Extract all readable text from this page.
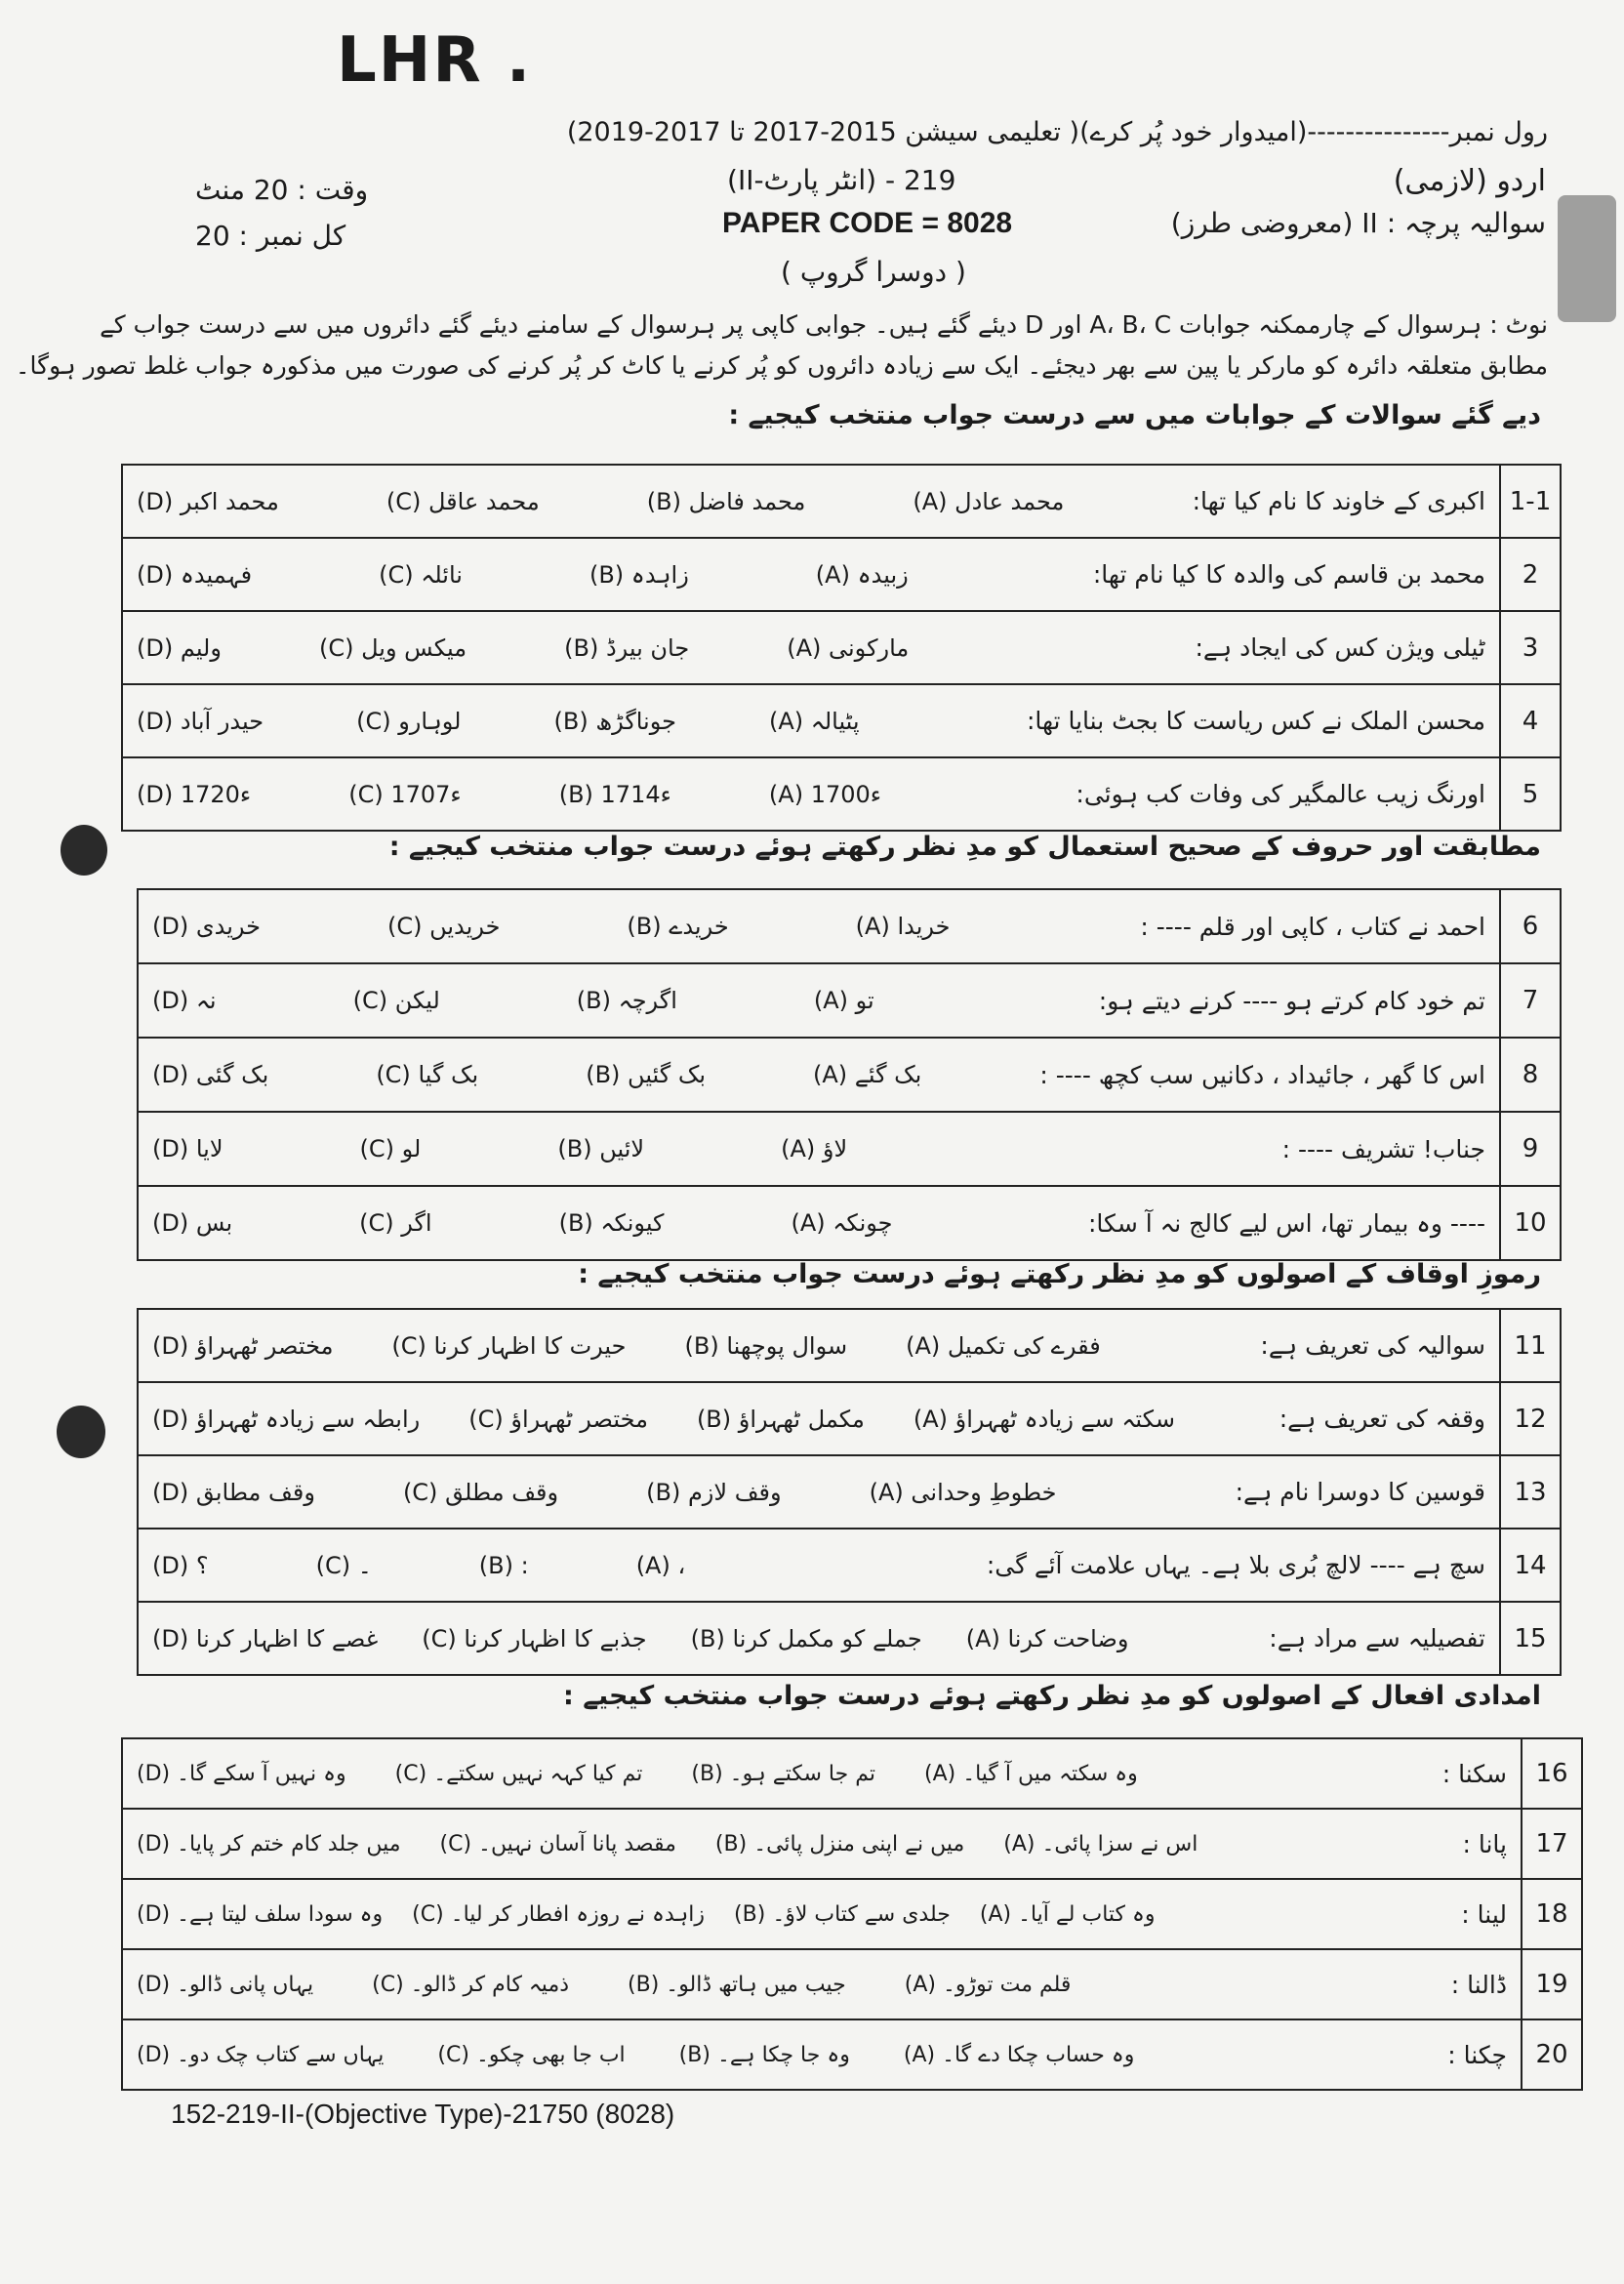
LHR .
رول نمبر---------------(امیدوار خود پُر کرے)( تعلیمی سیشن 2015-2017 تا 2017-2019)
اردو (لازمی)
سوالیہ پرچہ : II (معروضی طرز)
219 - (انٹر پارٹ-II)
PAPER CODE = 8028
( دوسرا گروپ )
وقت : 20 منٹ
کل نمبر : 20
نوٹ : ہرسوال کے چارممکنہ جوابات A، B، C اور D دیئے گئے ہیں۔ جوابی کاپی پر ہرسوال کے سامنے دیئے گئے دائروں میں سے درست جواب کے
مطابق متعلقہ دائرہ کو مارکر یا پین سے بھر دیجئے۔ ایک سے زیادہ دائروں کو پُر کرنے یا کاٹ کر پُر کرنے کی صورت میں مذکورہ جواب غلط تصور ہوگا۔
دیے گئے سوالات کے جوابات میں سے درست جواب منتخب کیجیے :
اکبری کے خاوند کا نام کیا تھا:
(A) محمد عادل
(B) محمد فاضل
(C) محمد عاقل
(D) محمد اکبر	1-1

محمد بن قاسم کی والدہ کا کیا نام تھا:
(A) زبیدہ
(B) زاہدہ
(C) نائلہ
(D) فہمیدہ	2

ٹیلی ویژن کس کی ایجاد ہے:
(A) مارکونی
(B) جان بیرڈ
(C) میکس ویل
(D) ولیم	3

محسن الملک نے کس ریاست کا بجٹ بنایا تھا:
(A) پٹیالہ
(B) جوناگڑھ
(C) لوہارو
(D) حیدر آباد	4

اورنگ زیب عالمگیر کی وفات کب ہوئی:
(A) 1700ء
(B) 1714ء
(C) 1707ء
(D) 1720ء	5
مطابقت اور حروف کے صحیح استعمال کو مدِ نظر رکھتے ہوئے درست جواب منتخب کیجیے :
احمد نے کتاب ، کاپی اور قلم ---- :
(A) خریدا
(B) خریدے
(C) خریدیں
(D) خریدی	6

تم خود کام کرتے ہو ---- کرنے دیتے ہو:
(A) تو
(B) اگرچہ
(C) لیکن
(D) نہ	7

اس کا گھر ، جائیداد ، دکانیں سب کچھ ---- :
(A) بک گئے
(B) بک گئیں
(C) بک گیا
(D) بک گئی	8

جناب! تشریف ---- :
(A) لاؤ
(B) لائیں
(C) لو
(D) لایا	9

---- وہ بیمار تھا، اس لیے کالج نہ آ سکا:
(A) چونکہ
(B) کیونکہ
(C) اگر
(D) بس	10
رموزِ اوقاف کے اصولوں کو مدِ نظر رکھتے ہوئے درست جواب منتخب کیجیے :
سوالیہ کی تعریف ہے:
(A) فقرے کی تکمیل
(B) سوال پوچھنا
(C) حیرت کا اظہار کرنا
(D) مختصر ٹھہراؤ	11

وقفہ کی تعریف ہے:
(A) سکتہ سے زیادہ ٹھہراؤ
(B) مکمل ٹھہراؤ
(C) مختصر ٹھہراؤ
(D) رابطہ سے زیادہ ٹھہراؤ	12

قوسین کا دوسرا نام ہے:
(A) خطوطِ وحدانی
(B) وقف لازم
(C) وقف مطلق
(D) وقف مطابق	13

سچ ہے ---- لالچ بُری بلا ہے۔ یہاں علامت آئے گی:
(A) ،
(B) :
(C) ۔
(D) ؟	14

تفصیلیہ سے مراد ہے:
(A) وضاحت کرنا
(B) جملے کو مکمل کرنا
(C) جذبے کا اظہار کرنا
(D) غصے کا اظہار کرنا	15
امدادی افعال کے اصولوں کو مدِ نظر رکھتے ہوئے درست جواب منتخب کیجیے :
سکنا :
(A) وہ سکتہ میں آ گیا۔
(B) تم جا سکتے ہو۔
(C) تم کیا کہہ نہیں سکتے۔
(D) وہ نہیں آ سکے گا۔	16

پانا :
(A) اس نے سزا پائی۔
(B) میں نے اپنی منزل پائی۔
(C) مقصد پانا آسان نہیں۔
(D) میں جلد کام ختم کر پایا۔	17

لینا :
(A) وہ کتاب لے آیا۔
(B) جلدی سے کتاب لاؤ۔
(C) زاہدہ نے روزہ افطار کر لیا۔
(D) وہ سودا سلف لیتا ہے۔	18

ڈالنا :
(A) قلم مت توڑو۔
(B) جیب میں ہاتھ ڈالو۔
(C) ذمیہ کام کر ڈالو۔
(D) یہاں پانی ڈالو۔	19

چکنا :
(A) وہ حساب چکا دے گا۔
(B) وہ جا چکا ہے۔
(C) اب جا بھی چکو۔
(D) یہاں سے کتاب چک دو۔	20
152-219-II-(Objective Type)-21750 (8028)
